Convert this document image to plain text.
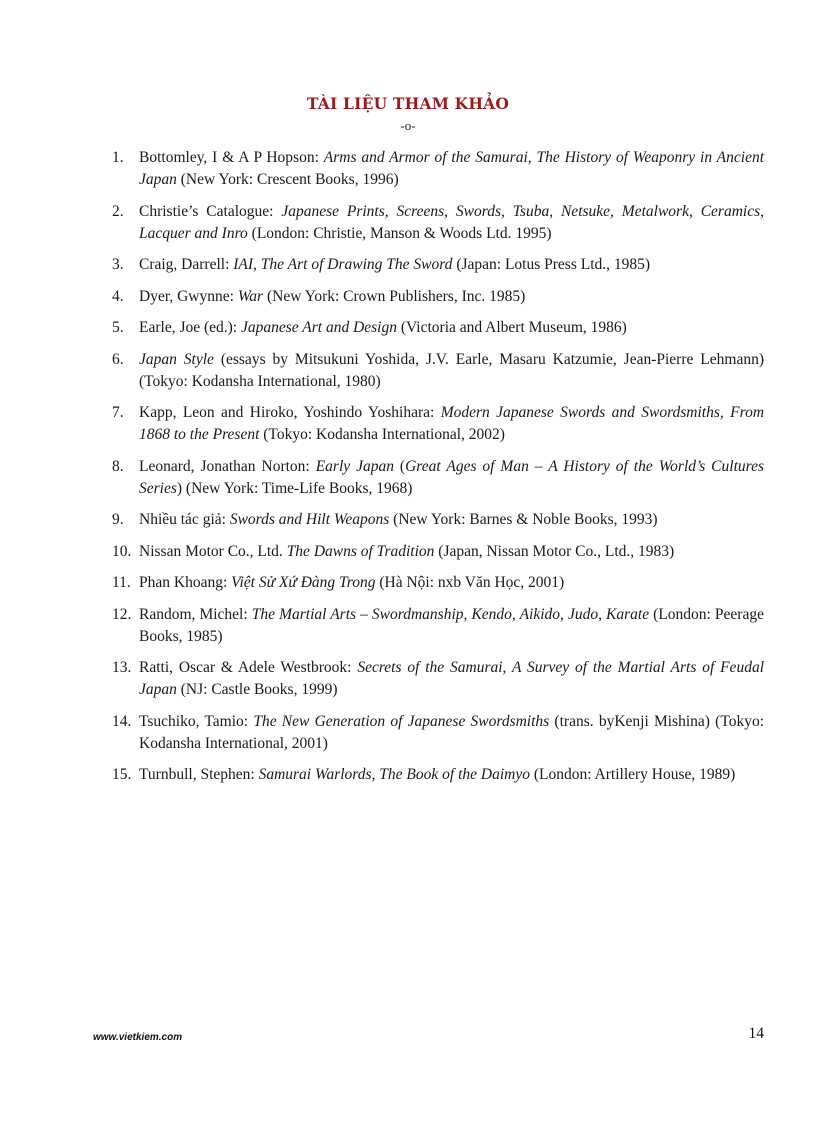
TÀI LIỆU THAM KHẢO
-o-
1. Bottomley, I & A P Hopson: Arms and Armor of the Samurai, The History of Weaponry in Ancient Japan (New York: Crescent Books, 1996)
2. Christie’s Catalogue: Japanese Prints, Screens, Swords, Tsuba, Netsuke, Metalwork, Ceramics, Lacquer and Inro (London: Christie, Manson & Woods Ltd. 1995)
3. Craig, Darrell: IAI, The Art of Drawing The Sword (Japan: Lotus Press Ltd., 1985)
4. Dyer, Gwynne: War (New York: Crown Publishers, Inc. 1985)
5. Earle, Joe (ed.): Japanese Art and Design (Victoria and Albert Museum, 1986)
6. Japan Style (essays by Mitsukuni Yoshida, J.V. Earle, Masaru Katzumie, Jean-Pierre Lehmann) (Tokyo: Kodansha International, 1980)
7. Kapp, Leon and Hiroko, Yoshindo Yoshihara: Modern Japanese Swords and Swordsmiths, From 1868 to the Present (Tokyo: Kodansha International, 2002)
8. Leonard, Jonathan Norton: Early Japan (Great Ages of Man – A History of the World’s Cultures Series) (New York: Time-Life Books, 1968)
9. Nhiều tác giả: Swords and Hilt Weapons (New York: Barnes & Noble Books, 1993)
10. Nissan Motor Co., Ltd. The Dawns of Tradition (Japan, Nissan Motor Co., Ltd., 1983)
11. Phan Khoang: Việt Sử Xứ Đàng Trong (Hà Nội: nxb Văn Học, 2001)
12. Random, Michel: The Martial Arts – Swordmanship, Kendo, Aikido, Judo, Karate (London: Peerage Books, 1985)
13. Ratti, Oscar & Adele Westbrook: Secrets of the Samurai, A Survey of the Martial Arts of Feudal Japan (NJ: Castle Books, 1999)
14. Tsuchiko, Tamio: The New Generation of Japanese Swordsmiths (trans. byKenji Mishina) (Tokyo: Kodansha International, 2001)
15. Turnbull, Stephen: Samurai Warlords, The Book of the Daimyo (London: Artillery House, 1989)
www.vietkiem.com	14
